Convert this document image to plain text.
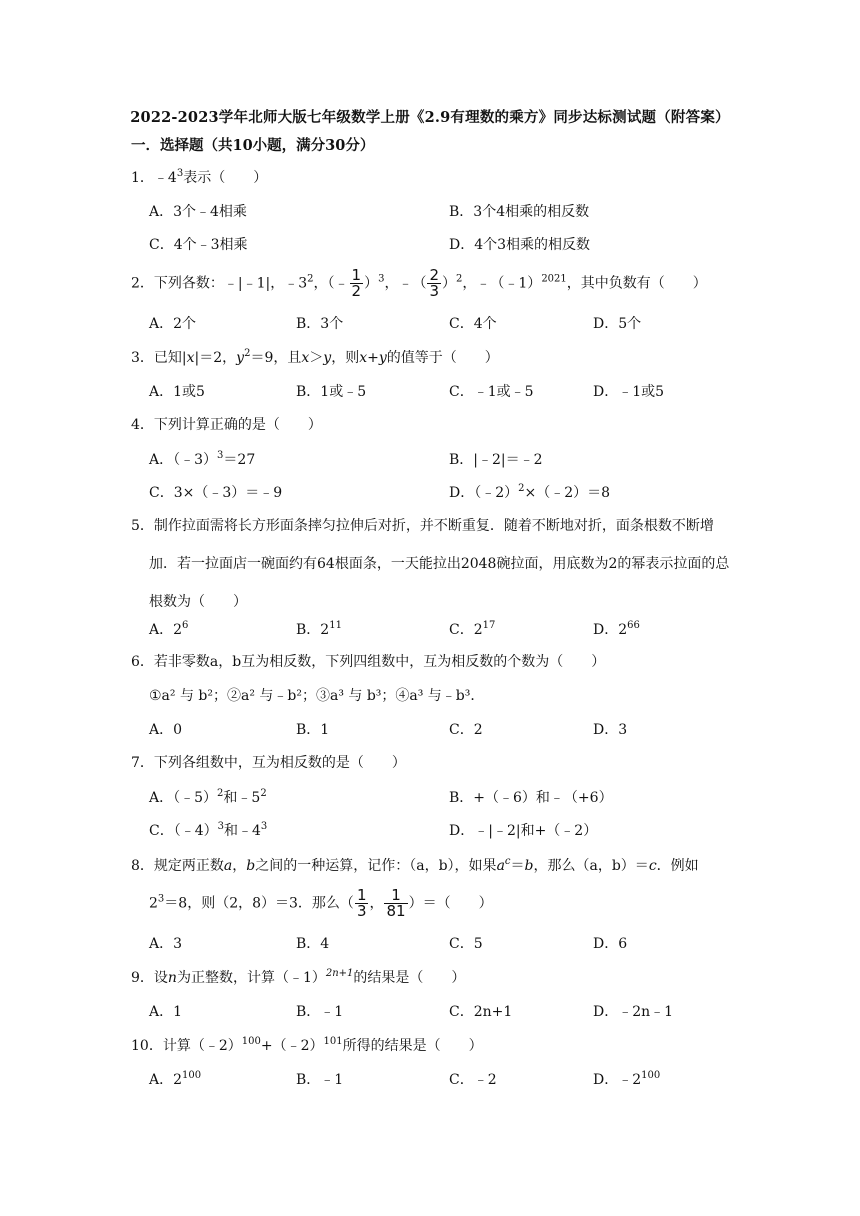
2022-2023学年北师大版七年级数学上册《2.9有理数的乘方》同步达标测试题（附答案）
一．选择题（共10小题，满分30分）
1．$﹣4^3$表示（　　）
A．3个﹣4相乘	B．3个4相乘的相反数
C．4个﹣3相乘	D．4个3相乘的相反数
2．下列各数：﹣|﹣1|，$﹣3^2$，（﹣ $\frac{1}{2} )^3$，﹣（ $\frac{2}{3} )^2$，﹣（﹣1）$^{2021}$，其中负数有（　　）
A．2个	B．3个	C．4个	D．5个
3．已知|x|＝2，$y^2=9$，且x＞y，则x+y的值等于（　　）
A．1或5	B．1或﹣5	C．﹣1或﹣5	D．﹣1或5
4．下列计算正确的是（　　）
A．（﹣3）$^3$＝27	B．|﹣2|＝﹣2
C．3×（﹣3）＝﹣9	D．（﹣2）$^2$×（﹣2）＝8
5．制作拉面需将长方形面条摔匀拉伸后对折，并不断重复．随着不断地对折，面条根数不断增加．若一拉面店一碗面约有64根面条，一天能拉出2048碗拉面，用底数为2的幂表示拉面的总根数为（　　）
A．$2^6$	B．$2^{11}$	C．$2^{17}$	D．$2^{66}$
6．若非零数a，b互为相反数，下列四组数中，互为相反数的个数为（　　）
①a² 与 b²；②a² 与﹣b²；③a³ 与 b³；④a³ 与﹣b³．
A．0	B．1	C．2	D．3
7．下列各组数中，互为相反数的是（　　）
A．（﹣5）$^2$和$﹣5^2$	B．+（﹣6）和﹣（+6）
C．（﹣4）$^3$和$﹣4^3$	D．﹣|﹣2|和+（﹣2）
8．规定两正数a，b之间的一种运算，记作：（a，b），如果$a^c=b$，那么（a，b）＝c．例如
$2^3=8$，则（2，8）＝3．那么（ $\frac{1}{3}$ ， $\frac{1}{81}$ ）＝（　　）
A．3	B．4	C．5	D．6
9．设n为正整数，计算（﹣1）$^{2n+1}$的结果是（　　）
A．1	B．﹣1	C．2n+1	D．﹣2n﹣1
10．计算（﹣2）$^{100}$+（﹣2）$^{101}$所得的结果是（　　）
A．$2^{100}$	B．﹣1	C．﹣2	D．$﹣2^{100}$
